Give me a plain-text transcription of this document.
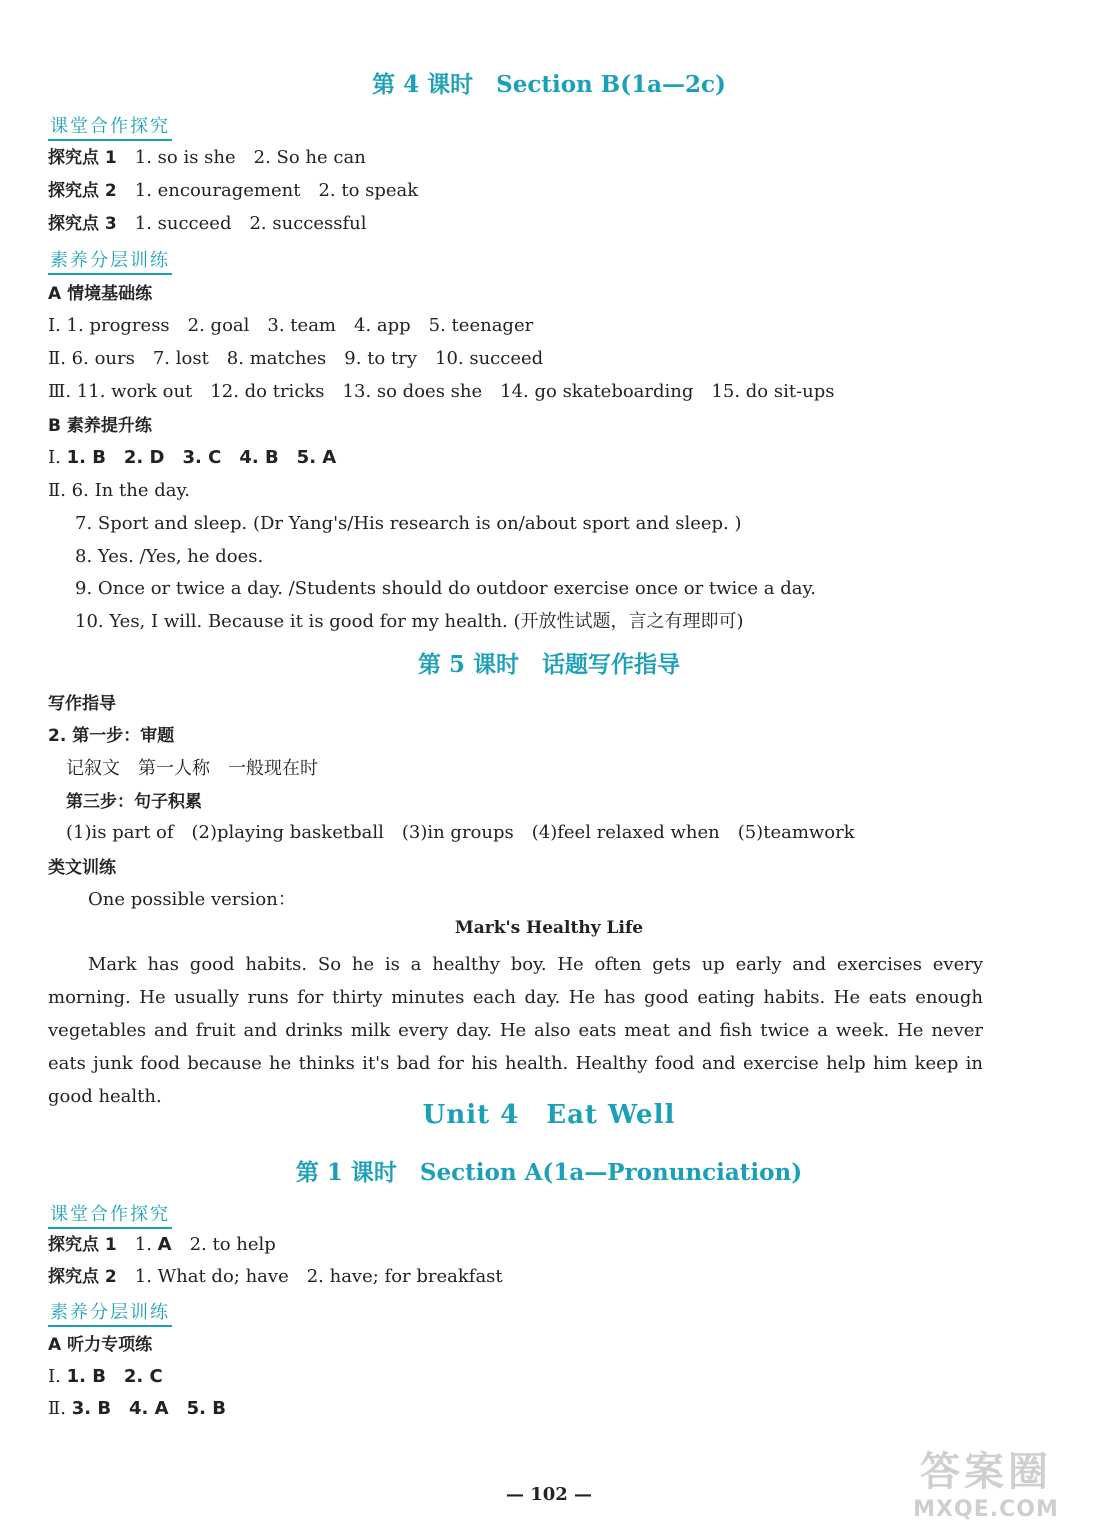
第 4 课时　Section B(1a—2c)
课堂合作探究
探究点 1　 1. so is she　2. So he can
探究点 2　 1. encouragement　2. to speak
探究点 3　 1. succeed　2. successful
素养分层训练
A 情境基础练
Ⅰ. 1. progress　2. goal　3. team　4. app　5. teenager
Ⅱ. 6. ours　7. lost　8. matches　9. to try　10. succeed
Ⅲ. 11. work out　12. do tricks　13. so does she　14. go skateboarding　15. do sit-ups
B 素养提升练
Ⅰ. 1. B　2. D　3. C　4. B　5. A
Ⅱ. 6. In the day.
7. Sport and sleep. (Dr Yang's/His research is on/about sport and sleep. )
8. Yes. /Yes, he does.
9. Once or twice a day. /Students should do outdoor exercise once or twice a day.
10. Yes, I will. Because it is good for my health. (开放性试题，言之有理即可)
第 5 课时　话题写作指导
写作指导
2. 第一步：审题
记叙文　第一人称　一般现在时
第三步：句子积累
(1)is part of　(2)playing basketball　(3)in groups　(4)feel relaxed when　(5)teamwork
类文训练
One possible version：
Mark's Healthy Life
Mark has good habits. So he is a healthy boy. He often gets up early and exercises every morning. He usually runs for thirty minutes each day. He has good eating habits. He eats enough vegetables and fruit and drinks milk every day. He also eats meat and fish twice a week. He never eats junk food because he thinks it's bad for his health. Healthy food and exercise help him keep in good health.
Unit 4　Eat Well
第 1 课时　Section A(1a—Pronunciation)
课堂合作探究
探究点 1　 1. A　2. to help
探究点 2　 1. What do; have　2. have; for breakfast
素养分层训练
A 听力专项练
Ⅰ. 1. B　2. C
Ⅱ. 3. B　4. A　5. B
— 102 —	答案圈
MXQE.COM
